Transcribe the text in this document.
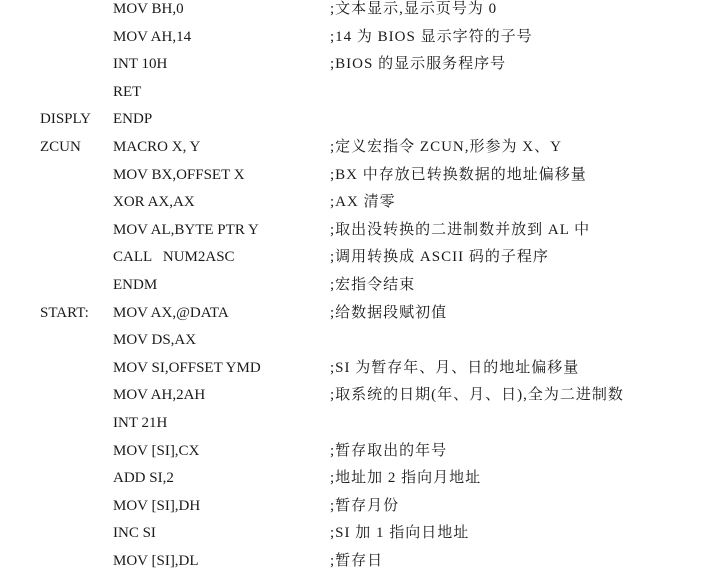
MOV BH,0	;文本显示,显示页号为 0
MOV AH,14	;14 为 BIOS 显示字符的子号
INT 10H	;BIOS 的显示服务程序号
RET
DISPLY ENDP
ZCUN MACRO X, Y	;定义宏指令 ZCUN,形参为 X、Y
MOV BX,OFFSET X	;BX 中存放已转换数据的地址偏移量
XOR AX,AX	;AX 清零
MOV AL,BYTE PTR Y	;取出没转换的二进制数并放到 AL 中
CALL   NUM2ASC	;调用转换成 ASCII 码的子程序
ENDM	;宏指令结束
START: MOV AX,@DATA	;给数据段赋初值
MOV DS,AX
MOV SI,OFFSET YMD	;SI 为暂存年、月、日的地址偏移量
MOV AH,2AH	;取系统的日期(年、月、日),全为二进制数
INT 21H
MOV [SI],CX	;暂存取出的年号
ADD SI,2	;地址加 2 指向月地址
MOV [SI],DH	;暂存月份
INC SI	;SI 加 1 指向日地址
MOV [SI],DL	;暂存日
